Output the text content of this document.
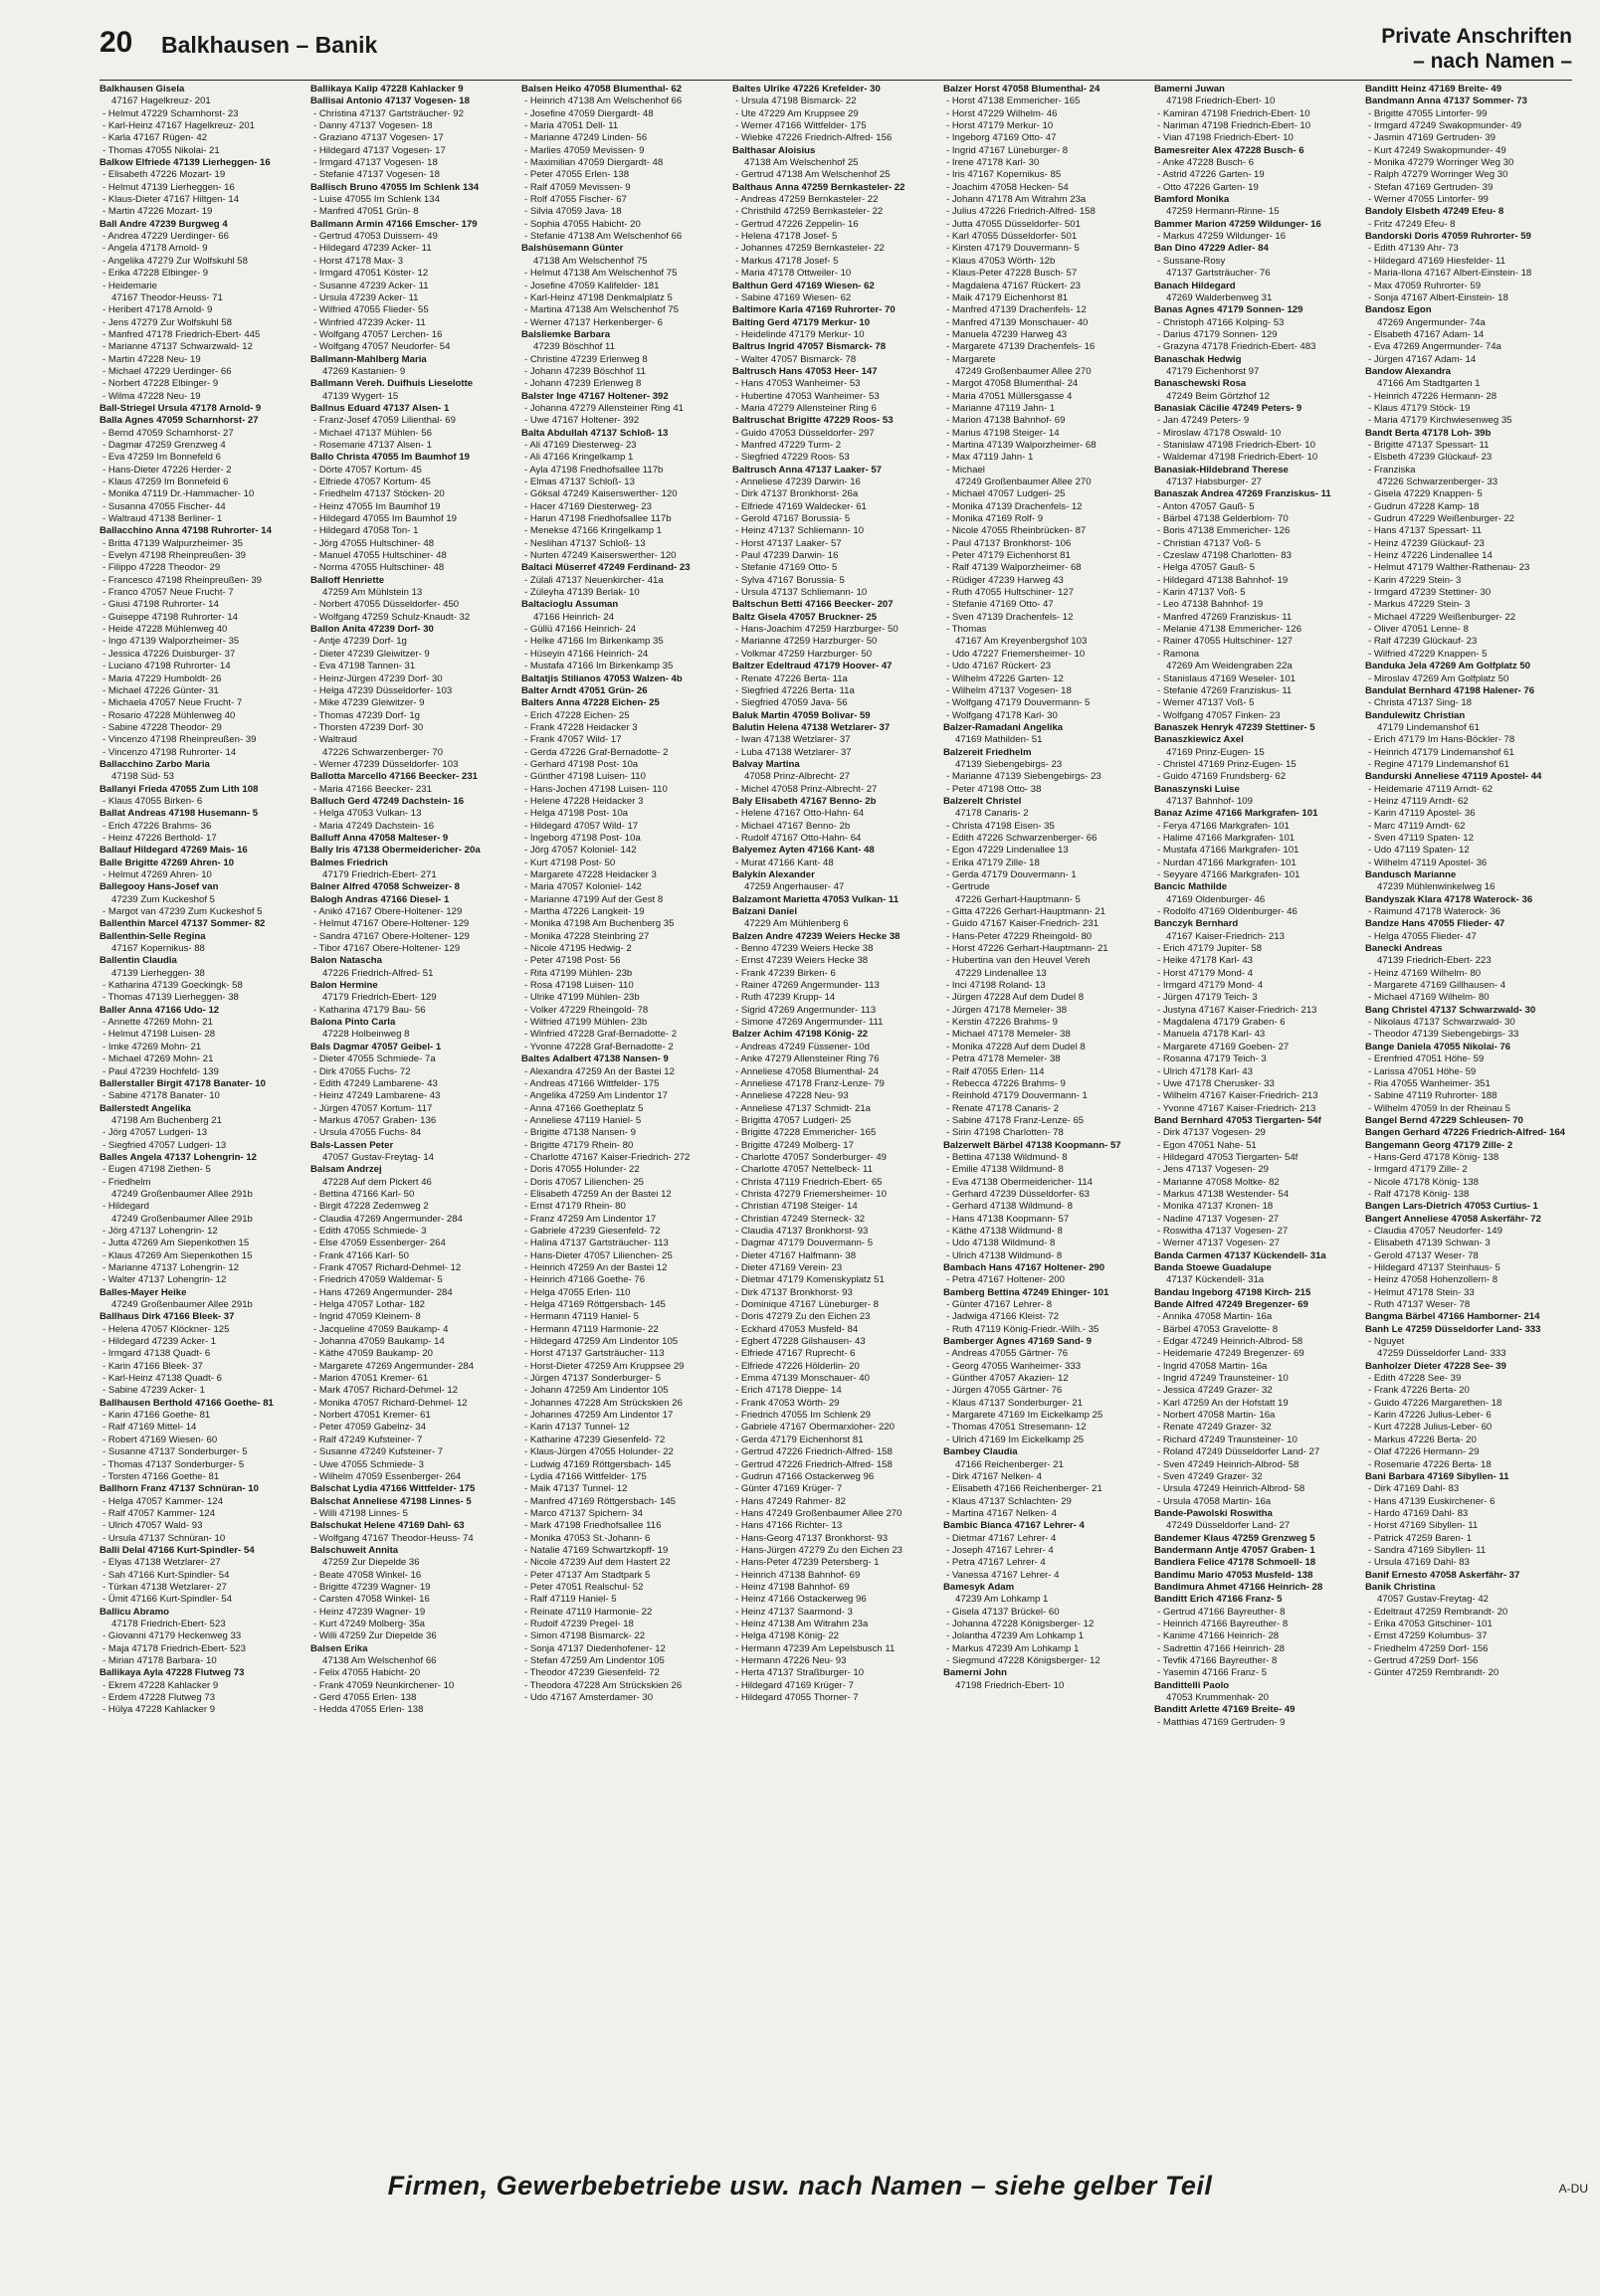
20 Balkhausen – Banik	Private Anschriften
– nach Namen –
Balkhausen Gisela
47167 Hagelkreuz- 201
- Helmut 47229 Scharnhorst- 23
- Karl-Heinz 47167 Hagelkreuz- 201
- Karla 47167 Rügen- 42
- Thomas 47055 Nikolai- 21
Balkow Elfriede 47139 Lierheggen- 16
- Elisabeth 47226 Mozart- 19
- Helmut 47139 Lierheggen- 16
- Klaus-Dieter 47167 Hiltgen- 14
- Martin 47226 Mozart- 19
Ball Andre 47239 Burgweg 4
- Andrea 47229 Uerdinger- 66
- Angela 47178 Arnold- 9
- Angelika 47279 Zur Wolfskuhl 58
- Erika 47228 Elbinger- 9
- Heidemarie
47167 Theodor-Heuss- 71
- Heribert 47178 Arnold- 9
- Jens 47279 Zur Wolfskuhl 58
- Manfred 47178 Friedrich-Ebert- 445
- Marianne 47137 Schwarzwald- 12
- Martin 47228 Neu- 19
- Michael 47229 Uerdinger- 66
- Norbert 47228 Elbinger- 9
- Wilma 47228 Neu- 19
Ball-Striegel Ursula 47178 Arnold- 9
Balla Agnes 47059 Scharnhorst- 27
- Bernd 47059 Scharnhorst- 27
- Dagmar 47259 Grenzweg 4
- Eva 47259 Im Bonnefeld 6
- Hans-Dieter 47226 Herder- 2
- Klaus 47259 Im Bonnefeld 6
- Monika 47119 Dr.-Hammacher- 10
- Susanna 47055 Fischer- 44
- Waltraud 47138 Berliner- 1
Ballacchino Anna 47198 Ruhrorter- 14
- Britta 47139 Walpurzheimer- 35
- Evelyn 47198 Rheinpreußen- 39
- Filippo 47228 Theodor- 29
- Francesco 47198 Rheinpreußen- 39
- Franco 47057 Neue Frucht- 7
- Giusi 47198 Ruhrorter- 14
- Guiseppe 47198 Ruhrorter- 14
- Heide 47228 Mühlenweg 40
- Ingo 47139 Walporzheimer- 35
- Jessica 47226 Duisburger- 37
- Luciano 47198 Ruhrorter- 14
- Maria 47229 Humboldt- 26
- Michael 47226 Günter- 31
- Michaela 47057 Neue Frucht- 7
- Rosario 47228 Mühlenweg 40
- Sabine 47228 Theodor- 29
- Vincenzo 47198 Rheinpreußen- 39
- Vincenzo 47198 Ruhrorter- 14
Ballacchino Zarbo Maria
47198 Süd- 53
Ballanyi Frieda 47055 Zum Lith 108
- Klaus 47055 Birken- 6
Ballat Andreas 47198 Husemann- 5
- Erich 47226 Brahms- 36
- Heinz 47226 Berthold- 17
Ballauf Hildegard 47269 Mais- 16
Balle Brigitte 47269 Ahren- 10
- Helmut 47269 Ahren- 10
Ballegooy Hans-Josef van
47239 Zum Kuckeshof 5
- Margot van 47239 Zum Kuckeshof 5
Ballenthin Marcel 47137 Sommer- 82
Ballenthin-Selle Regina
47167 Kopernikus- 88
Ballentin Claudia
47139 Lierheggen- 38
- Katharina 47139 Goeckingk- 58
- Thomas 47139 Lierheggen- 38
Baller Anna 47166 Udo- 12
- Annette 47269 Mohn- 21
- Helmut 47198 Luisen- 28
- Imke 47269 Mohn- 21
- Michael 47269 Mohn- 21
- Paul 47239 Hochfeld- 139
Ballerstaller Birgit 47178 Banater- 10
- Sabine 47178 Banater- 10
Ballerstedt Angelika
47198 Am Buchenberg 21
- Jörg 47057 Ludgeri- 13
- Siegfried 47057 Ludgeri- 13
Balles Angela 47137 Lohengrin- 12
- Eugen 47198 Ziethen- 5
- Friedhelm
47249 Großenbaumer Allee 291b
- Hildegard
47249 Großenbaumer Allee 291b
- Jörg 47137 Lohengrin- 12
- Jutta 47269 Am Siepenkothen 15
- Klaus 47269 Am Siepenkothen 15
- Marianne 47137 Lohengrin- 12
- Walter 47137 Lohengrin- 12
Balles-Mayer Heike
47249 Großenbaumer Allee 291b
Ballhaus Dirk 47166 Bleek- 37
- Helena 47057 Klöckner- 125
- Hildegard 47239 Acker- 1
- Irmgard 47138 Quadt- 6
- Karin 47166 Bleek- 37
- Karl-Heinz 47138 Quadt- 6
- Sabine 47239 Acker- 1
Ballhausen Berthold 47166 Goethe- 81
- Karin 47166 Goethe- 81
- Ralf 47169 Mittel- 14
- Robert 47169 Wiesen- 60
- Susanne 47137 Sonderburger- 5
- Thomas 47137 Sonderburger- 5
- Torsten 47166 Goethe- 81
Ballhorn Franz 47137 Schnüran- 10
- Helga 47057 Kammer- 124
- Ralf 47057 Kammer- 124
- Ulrich 47057 Wald- 93
- Ursula 47137 Schnüran- 10
Balli Delal 47166 Kurt-Spindler- 54
- Elyas 47138 Wetzlarer- 27
- Sah 47166 Kurt-Spindler- 54
- Türkan 47138 Wetzlarer- 27
- Ümit 47166 Kurt-Spindler- 54
Ballicu Abramo
47178 Friedrich-Ebert- 523
- Giovanni 47179 Heckenweg 33
- Maja 47178 Friedrich-Ebert- 523
- Mirian 47178 Barbara- 10
Ballikaya Ayla 47228 Flutweg 73
- Ekrem 47228 Kahlacker 9
- Erdem 47228 Flutweg 73
- Hülya 47228 Kahlacker 9
Ballikaya Kalip 47228 Kahlacker 9
Ballisai Antonio 47137 Vogesen- 18
- Christina 47137 Gartsträucher- 92
- Danny 47137 Vogesen- 18
- Graziano 47137 Vogesen- 17
- Hildegard 47137 Vogesen- 17
- Irmgard 47137 Vogesen- 18
- Stefanie 47137 Vogesen- 18
Ballisch Bruno 47055 Im Schlenk 134
- Luise 47055 Im Schlenk 134
- Manfred 47051 Grün- 8
Ballmann Armin 47166 Emscher- 179
- Gertrud 47053 Duissern- 49
- Hildegard 47239 Acker- 11
- Horst 47178 Max- 3
- Irmgard 47051 Köster- 12
- Susanne 47239 Acker- 11
- Ursula 47239 Acker- 11
- Wilfried 47055 Flieder- 55
- Winfried 47239 Acker- 11
- Wolfgang 47057 Lerchen- 16
- Wolfgang 47057 Neudorfer- 54
Ballmann-Mahlberg Maria
47269 Kastanien- 9
Ballmann Vereh. Duifhuis Lieselotte
47139 Wygert- 15
Ballnus Eduard 47137 Alsen- 1
- Franz-Josef 47059 Lilienthal- 69
- Michael 47137 Mühlen- 56
- Rosemarie 47137 Alsen- 1
Ballo Christa 47055 Im Baumhof 19
- Dörte 47057 Kortum- 45
- Elfriede 47057 Kortum- 45
- Friedhelm 47137 Stöcken- 20
- Heinz 47055 Im Baumhof 19
- Hildegard 47055 Im Baumhof 19
- Hildegard 47058 Ton- 1
- Jörg 47055 Hultschiner- 48
- Manuel 47055 Hultschiner- 48
- Norma 47055 Hultschiner- 48
Balloff Henriette
47259 Am Mühlstein 13
- Norbert 47055 Düsseldorfer- 450
- Wolfgang 47259 Schulz-Knaudt- 32
Ballon Anita 47239 Dorf- 30
- Antje 47239 Dorf- 1g
- Dieter 47239 Gleiwitzer- 9
- Eva 47198 Tannen- 31
- Heinz-Jürgen 47239 Dorf- 30
- Helga 47239 Düsseldorfer- 103
- Mike 47239 Gleiwitzer- 9
- Thomas 47239 Dorf- 1g
- Thorsten 47239 Dorf- 30
- Waltraud
47226 Schwarzenberger- 70
- Werner 47239 Düsseldorfer- 103
Ballotta Marcello 47166 Beecker- 231
- Maria 47166 Beecker- 231
Balluch Gerd 47249 Dachstein- 16
- Helga 47053 Vulkan- 13
- Maria 47249 Dachstein- 16
Balluff Anna 47058 Malteser- 9
Bally Iris 47138 Obermeidericher- 20a
Balmes Friedrich
47179 Friedrich-Ebert- 271
Balner Alfred 47058 Schweizer- 8
Balogh Andras 47166 Diesel- 1
- Anikó 47167 Obere-Holtener- 129
- Helmut 47167 Obere-Holtener- 129
- Sandra 47167 Obere-Holtener- 129
- Tibor 47167 Obere-Holtener- 129
Balon Natascha
47226 Friedrich-Alfred- 51
Balon Hermine
47179 Friedrich-Ebert- 129
- Katharina 47179 Bau- 56
Balona Pinto Carla
47228 Holbeinweg 8
Bals Dagmar 47057 Geibel- 1
- Dieter 47055 Schmiede- 7a
- Dirk 47055 Fuchs- 72
- Edith 47249 Lambarene- 43
- Heinz 47249 Lambarene- 43
- Jürgen 47057 Kortum- 117
- Markus 47057 Graben- 136
- Ursula 47055 Fuchs- 84
Bals-Lassen Peter
47057 Gustav-Freytag- 14
Balsam Andrzej
47228 Auf dem Pickert 46
- Bettina 47166 Karl- 50
- Birgit 47228 Zedernweg 2
- Claudia 47269 Angermunder- 284
- Edith 47055 Schmiede- 3
- Else 47059 Essenberger- 264
- Frank 47166 Karl- 50
- Frank 47057 Richard-Dehmel- 12
- Friedrich 47059 Waldemar- 5
- Hans 47269 Angermunder- 284
- Helga 47057 Lothar- 182
- Ingrid 47059 Kleinem- 8
- Jacqueline 47059 Baukamp- 4
- Johanna 47059 Baukamp- 14
- Käthe 47059 Baukamp- 20
- Margarete 47269 Angermunder- 284
- Marion 47051 Kremer- 61
- Mark 47057 Richard-Dehmel- 12
- Monika 47057 Richard-Dehmel- 12
- Norbert 47051 Kremer- 61
- Peter 47059 Gabelnz- 34
- Ralf 47249 Kufsteiner- 7
- Susanne 47249 Kufsteiner- 7
- Uwe 47055 Schmiede- 3
- Wilhelm 47059 Essenberger- 264
Balschat Lydia 47166 Wittfelder- 175
Balschat Anneliese 47198 Linnes- 5
- Willi 47198 Linnes- 5
Balschukat Helene 47169 Dahl- 63
- Wolfgang 47167 Theodor-Heuss- 74
Balschuweit Annita
47259 Zur Diepelde 36
- Beate 47058 Winkel- 16
- Brigitte 47239 Wagner- 19
- Carsten 47058 Winkel- 16
- Heinz 47239 Wagner- 19
- Kurt 47249 Molberg- 35a
- Willi 47259 Zur Diepelde 36
Balsen Erika
47138 Am Welschenhof 66
- Felix 47055 Habicht- 20
- Frank 47059 Neunkirchener- 10
- Gerd 47055 Erlen- 138
- Hedda 47055 Erlen- 138
Balsen Heiko 47058 Blumenthal- 62
- Heinrich 47138 Am Welschenhof 66
- Josefine 47059 Diergardt- 48
- Maria 47051 Dell- 11
- Marianne 47249 Linden- 56
- Marlies 47059 Mevissen- 9
- Maximilian 47059 Diergardt- 48
- Peter 47055 Erlen- 138
- Ralf 47059 Mevissen- 9
- Rolf 47055 Fischer- 67
- Silvia 47059 Java- 18
- Sophia 47055 Habicht- 20
- Stefanie 47138 Am Welschenhof 66
Balshüsemann Günter
47138 Am Welschenhof 75
- Helmut 47138 Am Welschenhof 75
- Josefine 47059 Kalifelder- 181
- Karl-Heinz 47198 Denkmalplatz 5
- Martina 47138 Am Welschenhof 75
- Werner 47137 Herkenberger- 6
Balsliemke Barbara
47239 Böschhof 11
- Christine 47239 Erlenweg 8
- Johann 47239 Böschhof 11
- Johann 47239 Erlenweg 8
Balster Inge 47167 Holtener- 392
- Johanna 47279 Allensteiner Ring 41
- Uwe 47167 Holtener- 392
Balta Abdullah 47137 Schloß- 13
- Ali 47169 Diesterweg- 23
- Ali 47166 Kringelkamp 1
- Ayla 47198 Friedhofsallee 117b
- Elmas 47137 Schloß- 13
- Göksal 47249 Kaiserswerther- 120
- Hacer 47169 Diesterweg- 23
- Harun 47198 Friedhofsallee 117b
- Menekse 47166 Kringelkamp 1
- Neslihan 47137 Schloß- 13
- Nurten 47249 Kaiserswerther- 120
Baltaci Müserref 47249 Ferdinand- 23
- Zülali 47137 Neuenkircher- 41a
- Züleyha 47139 Berlak- 10
Baltacioglu Assuman
47166 Heinrich- 24
- Güllü 47166 Heinrich- 24
- Helke 47166 Im Birkenkamp 35
- Hüseyin 47166 Heinrich- 24
- Mustafa 47166 Im Birkenkamp 35
Baltatjis Stilianos 47053 Walzen- 4b
Balter Arndt 47051 Grün- 26
Balters Anna 47228 Eichen- 25
- Erich 47228 Eichen- 25
- Frank 47228 Heidacker 3
- Frank 47057 Wild- 17
- Gerda 47226 Graf-Bernadotte- 2
- Gerhard 47198 Post- 10a
- Günther 47198 Luisen- 110
- Hans-Jochen 47198 Luisen- 110
- Helene 47228 Heidacker 3
- Helga 47198 Post- 10a
- Hildegard 47057 Wild- 17
- Ingeborg 47198 Post- 10a
- Jörg 47057 Koloniel- 142
- Kurt 47198 Post- 50
- Margarete 47228 Heidacker 3
- Maria 47057 Koloniel- 142
- Marianne 47199 Auf der Gest 8
- Martha 47226 Langkeit- 19
- Monika 47198 Am Buchenberg 35
- Monika 47228 Steinbring 27
- Nicole 47195 Hedwig- 2
- Peter 47198 Post- 56
- Rita 47199 Mühlen- 23b
- Rosa 47198 Luisen- 110
- Ulrike 47199 Mühlen- 23b
- Volker 47229 Rheingold- 78
- Wilfried 47199 Mühlen- 23b
- Winfried 47228 Graf-Bernadotte- 2
- Yvonne 47228 Graf-Bernadotte- 2
Baltes Adalbert 47138 Nansen- 9
- Alexandra 47259 An der Bastei 12
- Andreas 47166 Wittfelder- 175
- Angelika 47259 Am Lindentor 17
- Anna 47166 Goetheplatz 5
- Anneliese 47119 Haniel- 5
- Brigitte 47138 Nansen- 9
- Brigitte 47179 Rhein- 80
- Charlotte 47167 Kaiser-Friedrich- 272
- Doris 47055 Holunder- 22
- Doris 47057 Lilienchen- 25
- Elisabeth 47259 An der Bastei 12
- Ernst 47179 Rhein- 80
- Franz 47259 Am Lindentor 17
- Gabriele 47239 Giesenfeld- 72
- Halina 47137 Gartsträucher- 113
- Hans-Dieter 47057 Lilienchen- 25
- Heinrich 47259 An der Bastei 12
- Heinrich 47166 Goethe- 76
- Helga 47055 Erlen- 110
- Helga 47169 Röttgersbach- 145
- Hermann 47119 Haniel- 5
- Hermann 47119 Harmonie- 22
- Hildegard 47259 Am Lindentor 105
- Horst 47137 Gartsträucher- 113
- Horst-Dieter 47259 Am Kruppsee 29
- Jürgen 47137 Sonderburger- 5
- Johann 47259 Am Lindentor 105
- Johannes 47228 Am Strückskien 26
- Johannes 47259 Am Lindentor 17
- Karin 47137 Tunnel- 12
- Katharine 47239 Giesenfeld- 72
- Klaus-Jürgen 47055 Holunder- 22
- Ludwig 47169 Röttgersbach- 145
- Lydia 47166 Wittfelder- 175
- Maik 47137 Tunnel- 12
- Manfred 47169 Röttgersbach- 145
- Marco 47137 Spichern- 34
- Mark 47198 Friedhofsallee 116
- Monika 47053 St.-Johann- 6
- Natalie 47169 Schwartzkopff- 19
- Nicole 47239 Auf dem Hastert 22
- Peter 47137 Am Stadtpark 5
- Peter 47051 Realschul- 52
- Ralf 47119 Haniel- 5
- Reinate 47119 Harmonie- 22
- Rudolf 47239 Pregel- 18
- Simon 47198 Bismarck- 22
- Sonja 47137 Diedenhofener- 12
- Stefan 47259 Am Lindentor 105
- Theodor 47239 Giesenfeld- 72
- Theodora 47228 Am Strückskien 26
- Udo 47167 Amsterdamer- 30
Baltes Ulrike 47226 Krefelder- 30
- Ursula 47198 Bismarck- 22
- Ute 47229 Am Kruppsee 29
- Werner 47166 Wittfelder- 175
- Wiebke 47226 Friedrich-Alfred- 156
Balthasar Aloisius
47138 Am Welschenhof 25
- Gertrud 47138 Am Welschenhof 25
Balthaus Anna 47259 Bernkasteler- 22
- Andreas 47259 Bernkasteler- 22
- Christhild 47259 Bernkasteler- 22
- Gertrud 47226 Zeppelin- 16
- Helena 47178 Josef- 5
- Johannes 47259 Bernkasteler- 22
- Markus 47178 Josef- 5
- Maria 47178 Ottweiler- 10
Balthun Gerd 47169 Wiesen- 62
- Sabine 47169 Wiesen- 62
Baltimore Karla 47169 Ruhrorter- 70
Balting Gerd 47179 Merkur- 10
- Heidelinde 47179 Merkur- 10
Baltrus Ingrid 47057 Bismarck- 78
- Walter 47057 Bismarck- 78
Baltrusch Hans 47053 Heer- 147
- Hans 47053 Wanheimer- 53
- Hubertine 47053 Wanheimer- 53
- Maria 47279 Allensteiner Ring 6
Baltruschat Brigitte 47229 Roos- 53
- Guido 47053 Düsseldorfer- 297
- Manfred 47229 Turm- 2
- Siegfried 47229 Roos- 53
Baltrusch Anna 47137 Laaker- 57
- Anneliese 47239 Darwin- 16
- Dirk 47137 Bronkhorst- 26a
- Elfriede 47169 Waldecker- 61
- Gerold 47167 Borussia- 5
- Heinz 47137 Schliemann- 10
- Horst 47137 Laaker- 57
- Paul 47239 Darwin- 16
- Stefanie 47169 Otto- 5
- Sylva 47167 Borussia- 5
- Ursula 47137 Schliemann- 10
Baltschun Betti 47166 Beecker- 207
Baltz Gisela 47057 Bruckner- 25
- Hans-Joachim 47259 Harzburger- 50
- Marianne 47259 Harzburger- 50
- Volkmar 47259 Harzburger- 50
Baltzer Edeltraud 47179 Hoover- 47
- Renate 47226 Berta- 11a
- Siegfried 47226 Berta- 11a
- Siegfried 47059 Java- 56
Baluk Martin 47059 Bolivar- 59
Balutin Helena 47138 Wetzlarer- 37
- Iwan 47138 Wetzlarer- 37
- Luba 47138 Wetzlarer- 37
Balvay Martina
47058 Prinz-Albrecht- 27
- Michel 47058 Prinz-Albrecht- 27
Baly Elisabeth 47167 Benno- 2b
- Helene 47167 Otto-Hahn- 64
- Michael 47167 Benno- 2b
- Rudolf 47167 Otto-Hahn- 64
Balyemez Ayten 47166 Kant- 48
- Murat 47166 Kant- 48
Balykin Alexander
47259 Angerhauser- 47
Balzamont Marietta 47053 Vulkan- 11
Balzani Daniel
47229 Am Mühlenberg 6
Balzen Andre 47239 Weiers Hecke 38
- Benno 47239 Weiers Hecke 38
- Ernst 47239 Weiers Hecke 38
- Frank 47239 Birken- 6
- Rainer 47269 Angermunder- 113
- Ruth 47239 Krupp- 14
- Sigrid 47269 Angermunder- 113
- Simone 47269 Angermunder- 111
Balzer Achim 47198 König- 22
- Andreas 47249 Füssener- 10d
- Anke 47279 Allensteiner Ring 76
- Anneliese 47058 Blumenthal- 24
- Anneliese 47178 Franz-Lenze- 79
- Anneliese 47228 Neu- 93
- Anneliese 47137 Schmidt- 21a
- Brigitta 47057 Ludgeri- 25
- Brigitte 47228 Emmericher- 165
- Brigitte 47249 Molberg- 17
- Charlotte 47057 Sonderburger- 49
- Charlotte 47057 Nettelbeck- 11
- Christa 47119 Friedrich-Ebert- 65
- Christa 47279 Friemersheimer- 10
- Christian 47198 Steiger- 14
- Christian 47249 Sterneck- 32
- Claudia 47137 Bronkhorst- 93
- Dagmar 47179 Douvermann- 5
- Dieter 47167 Halfmann- 38
- Dieter 47169 Verein- 23
- Dietmar 47179 Komenskyplatz 51
- Dirk 47137 Bronkhorst- 93
- Dominique 47167 Lüneburger- 8
- Doris 47279 Zu den Eichen 23
- Eckhard 47053 Musfeld- 84
- Egbert 47228 Gilshausen- 43
- Elfriede 47167 Ruprecht- 6
- Elfriede 47226 Hölderlin- 20
- Emma 47139 Monschauer- 40
- Erich 47178 Dieppe- 14
- Frank 47053 Wörth- 29
- Friedrich 47055 Im Schlenk 29
- Gabriele 47167 Obermarxloher- 220
- Gerda 47179 Eichenhorst 81
- Gertrud 47226 Friedrich-Alfred- 158
- Gertrud 47226 Friedrich-Alfred- 158
- Gudrun 47166 Ostackerweg 96
- Günter 47169 Krüger- 7
- Hans 47249 Rahmer- 82
- Hans 47249 Großenbaumer Allee 270
- Hans 47166 Richter- 13
- Hans-Georg 47137 Bronkhorst- 93
- Hans-Jürgen 47279 Zu den Eichen 23
- Hans-Peter 47239 Petersberg- 1
- Heinrich 47138 Bahnhof- 69
- Heinz 47198 Bahnhof- 69
- Heinz 47166 Ostackerweg 96
- Heinz 47137 Saarmond- 3
- Heinz 47138 Am Witrahm 23a
- Helga 47198 König- 22
- Hermann 47239 Am Lepelsbusch 11
- Hermann 47226 Neu- 93
- Herta 47137 Straßburger- 10
- Hildegard 47169 Krüger- 7
- Hildegard 47055 Thorner- 7
Balzer Horst 47058 Blumenthal- 24
- Horst 47138 Emmericher- 165
- Horst 47229 Wilhelm- 46
- Horst 47179 Merkur- 10
- Ingeborg 47169 Otto- 47
- Ingrid 47167 Lüneburger- 8
- Irene 47178 Karl- 30
- Iris 47167 Kopernikus- 85
- Joachim 47058 Hecken- 54
- Johann 47178 Am Witrahm 23a
- Julius 47226 Friedrich-Alfred- 158
- Jutta 47055 Düsseldorfer- 501
- Karl 47055 Düsseldorfer- 501
- Kirsten 47179 Douvermann- 5
- Klaus 47053 Wörth- 12b
- Klaus-Peter 47228 Busch- 57
- Magdalena 47167 Rückert- 23
- Maik 47179 Eichenhorst 81
- Manfred 47139 Drachenfels- 12
- Manfred 47139 Monschauer- 40
- Manuela 47239 Harweg 43
- Margarete 47139 Drachenfels- 16
- Margarete
47249 Großenbaumer Allee 270
- Margot 47058 Blumenthal- 24
- Maria 47051 Müllersgasse 4
- Marianne 47119 Jahn- 1
- Marion 47138 Bahnhof- 69
- Marius 47198 Steiger- 14
- Martina 47139 Walporzheimer- 68
- Max 47119 Jahn- 1
- Michael
47249 Großenbaumer Allee 270
- Michael 47057 Ludgeri- 25
- Monika 47139 Drachenfels- 12
- Monika 47169 Rolf- 9
- Nicole 47055 Rheinbrücken- 87
- Paul 47137 Bronkhorst- 106
- Peter 47179 Eichenhorst 81
- Ralf 47139 Walporzheimer- 68
- Rüdiger 47239 Harweg 43
- Ruth 47055 Hultschiner- 127
- Stefanie 47169 Otto- 47
- Sven 47139 Drachenfels- 12
- Thomas
47167 Am Kreyenbergshof 103
- Udo 47227 Friemersheimer- 10
- Udo 47167 Rückert- 23
- Wilhelm 47226 Garten- 12
- Wilhelm 47137 Vogesen- 18
- Wolfgang 47179 Douvermann- 5
- Wolfgang 47178 Karl- 30
Balzer-Ramadani Angelika
47169 Mathilden- 51
Balzereit Friedhelm
47139 Siebengebirgs- 23
- Marianne 47139 Siebengebirgs- 23
- Peter 47198 Otto- 38
Balzerelt Christel
47178 Canaris- 2
- Christa 47198 Eisen- 35
- Edith 47226 Schwarzenberger- 66
- Egon 47229 Lindenallee 13
- Erika 47179 Zille- 18
- Gerda 47179 Douvermann- 1
- Gertrude
47226 Gerhart-Hauptmann- 5
- Gitta 47226 Gerhart-Hauptmann- 21
- Guido 47167 Kaiser-Friedrich- 231
- Hans-Peter 47229 Rheingold- 80
- Horst 47226 Gerhart-Hauptmann- 21
- Hubertina van den Heuvel Vereh
47229 Lindenallee 13
- Inci 47198 Roland- 13
- Jürgen 47228 Auf dem Dudel 8
- Jürgen 47178 Memeler- 38
- Kerstin 47226 Brahms- 9
- Michael 47178 Memeler- 38
- Monika 47228 Auf dem Dudel 8
- Petra 47178 Memeler- 38
- Ralf 47055 Erlen- 114
- Rebecca 47226 Brahms- 9
- Reinhold 47179 Douvermann- 1
- Renate 47178 Canaris- 2
- Sabine 47178 Franz-Lenze- 65
- Sirin 47198 Charlotten- 78
Balzerwelt Bärbel 47138 Koopmann- 57
- Bettina 47138 Wildmund- 8
- Emilie 47138 Wildmund- 8
- Eva 47138 Obermeidericher- 114
- Gerhard 47239 Düsseldorfer- 63
- Gerhard 47138 Wildmund- 8
- Hans 47138 Koopmann- 57
- Käthe 47138 Wildmund- 8
- Udo 47138 Wildmund- 8
- Ulrich 47138 Wildmund- 8
Bambach Hans 47167 Holtener- 290
- Petra 47167 Holtener- 200
Bamberg Bettina 47249 Ehinger- 101
- Günter 47167 Lehrer- 8
- Jadwiga 47166 Kleist- 72
- Ruth 47119 König-Friedr.-Wilh.- 35
Bamberger Agnes 47169 Sand- 9
- Andreas 47055 Gärtner- 76
- Georg 47055 Wanheimer- 333
- Günther 47057 Akazien- 12
- Jürgen 47055 Gärtner- 76
- Klaus 47137 Sonderburger- 21
- Margarete 47169 Im Eickelkamp 25
- Thomas 47051 Stresemann- 12
- Ulrich 47169 Im Eickelkamp 25
Bambey Claudia
47166 Reichenberger- 21
- Dirk 47167 Nelken- 4
- Elisabeth 47166 Reichenberger- 21
- Klaus 47137 Schlachten- 29
- Martina 47167 Nelken- 4
Bambic Bianca 47167 Lehrer- 4
- Dietmar 47167 Lehrer- 4
- Joseph 47167 Lehrer- 4
- Petra 47167 Lehrer- 4
- Vanessa 47167 Lehrer- 4
Bamesyk Adam
47239 Am Lohkamp 1
- Gisela 47137 Brückel- 60
- Johanna 47228 Königsberger- 12
- Jolantha 47239 Am Lohkamp 1
- Markus 47239 Am Lohkamp 1
- Siegmund 47228 Königsberger- 12
Bamerni John
47198 Friedrich-Ebert- 10
Bamerni Juwan
47198 Friedrich-Ebert- 10
- Kamiran 47198 Friedrich-Ebert- 10
- Nariman 47198 Friedrich-Ebert- 10
- Vian 47198 Friedrich-Ebert- 10
Bamesreiter Alex 47228 Busch- 6
- Anke 47228 Busch- 6
- Astrid 47226 Garten- 19
- Otto 47226 Garten- 19
Bamford Monika
47259 Hermann-Rinne- 15
Bammer Marion 47259 Wildunger- 16
- Markus 47259 Wildunger- 16
Ban Dino 47229 Adler- 84
- Sussane-Rosy
47137 Gartsträucher- 76
Banach Hildegard
47269 Walderbenweg 31
Banas Agnes 47179 Sonnen- 129
- Christoph 47166 Kolping- 53
- Darius 47179 Sonnen- 129
- Grazyna 47178 Friedrich-Ebert- 483
Banaschak Hedwig
47179 Eichenhorst 97
Banaschewski Rosa
47249 Beim Görtzhof 12
Banasiak Cäcilie 47249 Peters- 9
- Jan 47249 Peters- 9
- Miroslaw 47178 Oswald- 10
- Stanislaw 47198 Friedrich-Ebert- 10
- Waldemar 47198 Friedrich-Ebert- 10
Banasiak-Hildebrand Therese
47137 Habsburger- 27
Banaszak Andrea 47269 Franziskus- 11
- Anton 47057 Gauß- 5
- Bärbel 47138 Gelderblom- 70
- Boris 47138 Emmericher- 126
- Christian 47137 Voß- 5
- Czeslaw 47198 Charlotten- 83
- Helga 47057 Gauß- 5
- Hildegard 47138 Bahnhof- 19
- Karin 47137 Voß- 5
- Leo 47138 Bahnhof- 19
- Manfred 47269 Franziskus- 11
- Melanie 47138 Emmericher- 126
- Rainer 47055 Hultschiner- 127
- Ramona
47269 Am Weidengraben 22a
- Stanislaus 47169 Weseler- 101
- Stefanie 47269 Franziskus- 11
- Werner 47137 Voß- 5
- Wolfgang 47057 Finken- 23
Banaszek Henryk 47239 Stettiner- 5
Banaszkiewicz Axel
47169 Prinz-Eugen- 15
- Christel 47169 Prinz-Eugen- 15
- Guido 47169 Frundsberg- 62
Banaszynski Luise
47137 Bahnhof- 109
Banaz Azime 47166 Markgrafen- 101
- Ferya 47166 Markgrafen- 101
- Halime 47166 Markgrafen- 101
- Mustafa 47166 Markgrafen- 101
- Nurdan 47166 Markgrafen- 101
- Seyyare 47166 Markgrafen- 101
Bancic Mathilde
47169 Oldenburger- 46
- Rodolfo 47169 Oldenburger- 46
Banczyk Bernhard
47167 Kaiser-Friedrich- 213
- Erich 47179 Jupiter- 58
- Heike 47178 Karl- 43
- Horst 47179 Mond- 4
- Irmgard 47179 Mond- 4
- Jürgen 47179 Teich- 3
- Justyna 47167 Kaiser-Friedrich- 213
- Magdalena 47179 Graben- 6
- Manuela 47178 Karl- 43
- Margarete 47169 Goeben- 27
- Rosanna 47179 Teich- 3
- Ulrich 47178 Karl- 43
- Uwe 47178 Cherusker- 33
- Wilhelm 47167 Kaiser-Friedrich- 213
- Yvonne 47167 Kaiser-Friedrich- 213
Band Bernhard 47053 Tiergarten- 54f
- Dirk 47137 Vogesen- 29
- Egon 47051 Nahe- 51
- Hildegard 47053 Tiergarten- 54f
- Jens 47137 Vogesen- 29
- Marianne 47058 Moltke- 82
- Markus 47138 Westender- 54
- Monika 47137 Kronen- 18
- Nadine 47137 Vogesen- 27
- Roswitha 47137 Vogesen- 27
- Werner 47137 Vogesen- 27
Banda Carmen 47137 Kückendell- 31a
Banda Stoewe Guadalupe
47137 Kückendell- 31a
Bandau Ingeborg 47198 Kirch- 215
Bande Alfred 47249 Bregenzer- 69
- Annika 47058 Martin- 16a
- Bärbel 47053 Gravelotte- 8
- Edgar 47249 Heinrich-Albrod- 58
- Heidemarie 47249 Bregenzer- 69
- Ingrid 47058 Martin- 16a
- Ingrid 47249 Traunsteiner- 10
- Jessica 47249 Grazer- 32
- Karl 47259 An der Hofstatt 19
- Norbert 47058 Martin- 16a
- Renate 47249 Grazer- 32
- Richard 47249 Traunsteiner- 10
- Roland 47249 Düsseldorfer Land- 27
- Sven 47249 Heinrich-Albrod- 58
- Sven 47249 Grazer- 32
- Ursula 47249 Heinrich-Albrod- 58
- Ursula 47058 Martin- 16a
Bande-Pawolski Roswitha
47249 Düsseldorfer Land- 27
Bandemer Klaus 47259 Grenzweg 5
Bandermann Antje 47057 Graben- 1
Bandiera Felice 47178 Schmoell- 18
Bandimu Mario 47053 Musfeld- 138
Bandimura Ahmet 47166 Heinrich- 28
Banditt Erich 47166 Franz- 5
- Gertrud 47166 Bayreuther- 8
- Heinrich 47166 Bayreuther- 8
- Kanime 47166 Heinrich- 28
- Sadrettin 47166 Heinrich- 28
- Tevfik 47166 Bayreuther- 8
- Yasemin 47166 Franz- 5
Bandittelli Paolo
47053 Krummenhak- 20
Banditt Arlette 47169 Breite- 49
- Matthias 47169 Gertruden- 9
Banditt Heinz 47169 Breite- 49
Bandmann Anna 47137 Sommer- 73
- Brigitte 47055 Lintorfer- 99
- Irmgard 47249 Swakopmunder- 49
- Jasmin 47169 Gertruden- 39
- Kurt 47249 Swakopmunder- 49
- Monika 47279 Worringer Weg 30
- Ralph 47279 Worringer Weg 30
- Stefan 47169 Gertruden- 39
- Werner 47055 Lintorfer- 99
Bandoly Elsbeth 47249 Efeu- 8
- Fritz 47249 Efeu- 8
Bandorski Doris 47059 Ruhrorter- 59
- Edith 47139 Ahr- 73
- Hildegard 47169 Hiesfelder- 11
- Maria-Ilona 47167 Albert-Einstein- 18
- Max 47059 Ruhrorter- 59
- Sonja 47167 Albert-Einstein- 18
Bandosz Egon
47269 Angermunder- 74a
- Elsabeth 47167 Adam- 14
- Eva 47269 Angermunder- 74a
- Jürgen 47167 Adam- 14
Bandow Alexandra
47166 Am Stadtgarten 1
- Heinrich 47226 Hermann- 28
- Klaus 47179 Stöck- 19
- Maria 47179 Kirchwiesenweg 35
Bandt Berta 47178 Loh- 39b
- Brigitte 47137 Spessart- 11
- Elsbeth 47239 Glückauf- 23
- Franziska
47226 Schwarzenberger- 33
- Gisela 47229 Knappen- 5
- Gudrun 47228 Kamp- 18
- Gudrun 47229 Weißenburger- 22
- Hans 47137 Spessart- 11
- Heinz 47239 Glückauf- 23
- Heinz 47226 Lindenallee 14
- Helmut 47179 Walther-Rathenau- 23
- Karin 47229 Stein- 3
- Irmgard 47239 Stettiner- 30
- Markus 47229 Stein- 3
- Michael 47229 Weißenburger- 22
- Oliver 47051 Lenne- 8
- Ralf 47239 Glückauf- 23
- Wilfried 47229 Knappen- 5
Banduka Jela 47269 Am Golfplatz 50
- Miroslav 47269 Am Golfplatz 50
Bandulat Bernhard 47198 Halener- 76
- Christa 47137 Sing- 18
Bandulewitz Christian
47179 Lindemanshof 61
- Erich 47179 Im Hans-Böckler- 78
- Heinrich 47179 Lindemanshof 61
- Regine 47179 Lindemanshof 61
Bandurski Anneliese 47119 Apostel- 44
- Heidemarie 47119 Arndt- 62
- Heinz 47119 Arndt- 62
- Karin 47119 Apostel- 36
- Marc 47119 Arndt- 62
- Sven 47119 Spaten- 12
- Udo 47119 Spaten- 12
- Wilhelm 47119 Apostel- 36
Bandusch Marianne
47239 Mühlenwinkelweg 16
Bandyszak Klara 47178 Waterock- 36
- Raimund 47178 Waterock- 36
Bandze Hans 47055 Flieder- 47
- Helga 47055 Flieder- 47
Banecki Andreas
47139 Friedrich-Ebert- 223
- Heinz 47169 Wilhelm- 80
- Margarete 47169 Gillhausen- 4
- Michael 47169 Wilhelm- 80
Bang Christel 47137 Schwarzwald- 30
- Nikolaus 47137 Schwarzwald- 30
- Theodor 47139 Siebengebirgs- 33
Bange Daniela 47055 Nikolai- 76
- Erenfried 47051 Höhe- 59
- Larissa 47051 Höhe- 59
- Ria 47055 Wanheimer- 351
- Sabine 47119 Ruhrorter- 188
- Wilhelm 47059 In der Rheinau 5
Bangel Bernd 47229 Schleusen- 70
Bangen Gerhard 47226 Friedrich-Alfred- 164
Bangemann Georg 47179 Zille- 2
- Hans-Gerd 47178 König- 138
- Irmgard 47179 Zille- 2
- Nicole 47178 König- 138
- Ralf 47178 König- 138
Bangen Lars-Dietrich 47053 Curtius- 1
Bangert Anneliese 47058 Askerfähr- 72
- Claudia 47057 Neudorfer- 149
- Elisabeth 47139 Schwan- 3
- Gerold 47137 Weser- 78
- Hildegard 47137 Steinhaus- 5
- Heinz 47058 Hohenzollern- 8
- Helmut 47178 Stein- 33
- Ruth 47137 Weser- 78
Bangma Bärbel 47166 Hamborner- 214
Banh Le 47259 Düsseldorfer Land- 333
- Nguyet
47259 Düsseldorfer Land- 333
Banholzer Dieter 47228 See- 39
- Edith 47228 See- 39
- Frank 47226 Berta- 20
- Guido 47226 Margarethen- 18
- Karin 47226 Julius-Leber- 6
- Kurt 47228 Julius-Leber- 60
- Markus 47226 Berta- 20
- Olaf 47226 Hermann- 29
- Rosemarie 47226 Berta- 18
Bani Barbara 47169 Sibyllen- 11
- Dirk 47169 Dahl- 83
- Hans 47139 Euskirchener- 6
- Hardo 47169 Dahl- 83
- Horst 47169 Sibyllen- 11
- Patrick 47259 Baren- 1
- Sandra 47169 Sibyllen- 11
- Ursula 47169 Dahl- 83
Banif Ernesto 47058 Askerfähr- 37
Banik Christina
47057 Gustav-Freytag- 42
- Edeltraut 47259 Rembrandt- 20
- Erika 47053 Gitschiner- 101
- Ernst 47259 Kolumbus- 37
- Friedhelm 47259 Dorf- 156
- Gertrud 47259 Dorf- 156
- Günter 47259 Rembrandt- 20
Firmen, Gewerbebetriebe usw. nach Namen – siehe gelber Teil	A-DU
